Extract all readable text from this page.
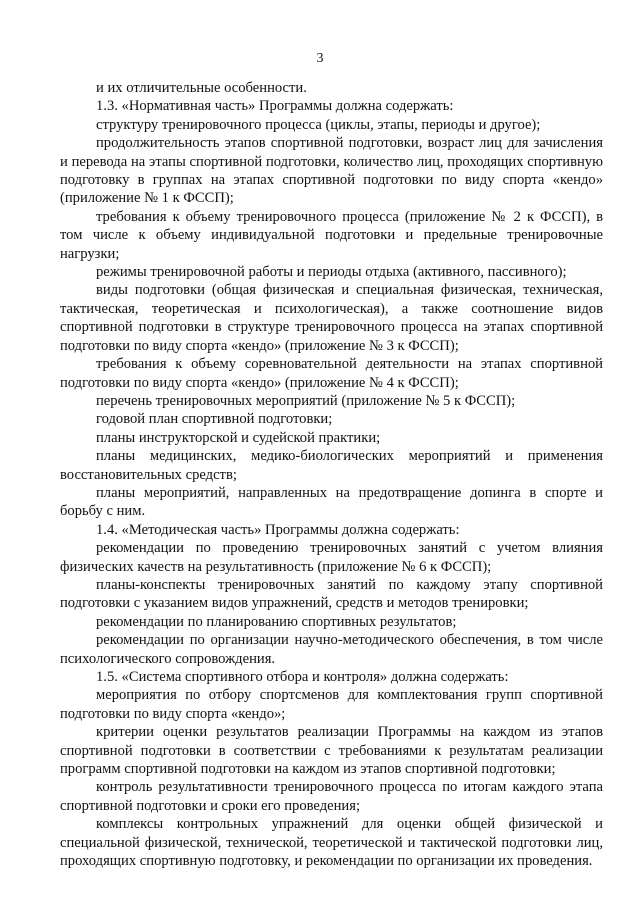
3

и их отличительные особенности.

1.3. «Нормативная часть» Программы должна содержать:

структуру тренировочного процесса (циклы, этапы, периоды и другое);

продолжительность этапов спортивной подготовки, возраст лиц для зачисления и перевода на этапы спортивной подготовки, количество лиц, проходящих спортивную подготовку в группах на этапах спортивной подготовки по виду спорта «кендо» (приложение № 1 к ФССП);

требования к объему тренировочного процесса (приложение № 2 к ФССП), в том числе к объему индивидуальной подготовки и предельные тренировочные нагрузки;

режимы тренировочной работы и периоды отдыха (активного, пассивного);

виды подготовки (общая физическая и специальная физическая, техническая, тактическая, теоретическая и психологическая), а также соотношение видов спортивной подготовки в структуре тренировочного процесса на этапах спортивной подготовки по виду спорта «кендо» (приложение № 3 к ФССП);

требования к объему соревновательной деятельности на этапах спортивной подготовки по виду спорта «кендо» (приложение № 4 к ФССП);

перечень тренировочных мероприятий (приложение № 5 к ФССП);

годовой план спортивной подготовки;

планы инструкторской и судейской практики;

планы медицинских, медико-биологических мероприятий и применения восстановительных средств;

планы мероприятий, направленных на предотвращение допинга в спорте и борьбу с ним.

1.4. «Методическая часть» Программы должна содержать:

рекомендации по проведению тренировочных занятий с учетом влияния физических качеств на результативность (приложение № 6 к ФССП);

планы-конспекты тренировочных занятий по каждому этапу спортивной подготовки с указанием видов упражнений, средств и методов тренировки;

рекомендации по планированию спортивных результатов;

рекомендации по организации научно-методического обеспечения, в том числе психологического сопровождения.

1.5. «Система спортивного отбора и контроля» должна содержать:

мероприятия по отбору спортсменов для комплектования групп спортивной подготовки по виду спорта «кендо»;

критерии оценки результатов реализации Программы на каждом из этапов спортивной подготовки в соответствии с требованиями к результатам реализации программ спортивной подготовки на каждом из этапов спортивной подготовки;

контроль результативности тренировочного процесса по итогам каждого этапа спортивной подготовки и сроки его проведения;

комплексы контрольных упражнений для оценки общей физической и специальной физической, технической, теоретической и тактической подготовки лиц, проходящих спортивную подготовку, и рекомендации по организации их проведения.
